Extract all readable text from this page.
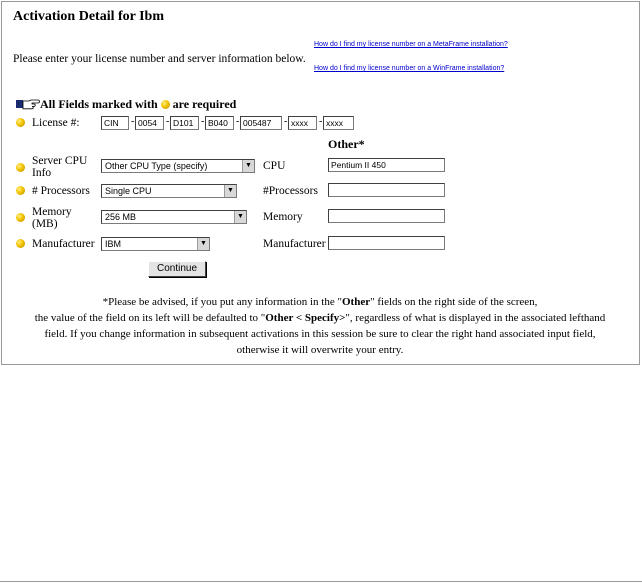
Activation Detail for Ibm
How do I find my license number on a MetaFrame installation?
How do I find my license number on a WinFrame installation?
Please enter your license number and server information below.
All Fields marked with are required
License #:	CIN	- 0054 - D101 - B040 - 005487	- xxxx	- xxxx
Other*
Server CPU
Info
Other CPU Type (specify)	▼ CPU	Pentium II 450
# Processors	Single CPU	▼	#Processors
Memory
(MB)
256 MB	▼ Memory
Manufacturer	IBM	▼	Manufacturer
Continue
*Please be advised, if you put any information in the "Other" fields on the right side of the screen,
the value of the field on its left will be defaulted to "Other < Specify>", regardless of what is displayed in the associated lefthand
field. If you change information in subsequent activations in this session be sure to clear the right hand associated input field,
otherwise it will overwrite your entry.
